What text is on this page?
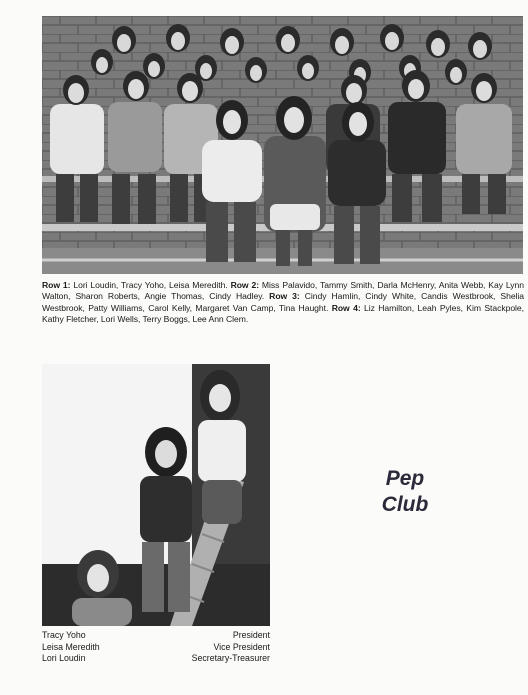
Row 1: Lori Loudin, Tracy Yoho, Leisa Meredith. Row 2: Miss Palavido, Tammy Smith, Darla McHenry, Anita Webb, Kay Lynn Walton, Sharon Roberts, Angie Thomas, Cindy Hadley. Row 3: Cindy Hamlin, Cindy White, Candis Westbrook, Shelia Westbrook, Patty Williams, Carol Kelly, Margaret Van Camp, Tina Haught. Row 4: Liz Hamilton, Leah Pyles, Kim Stackpole, Kathy Fletcher, Lori Wells, Terry Boggs, Lee Ann Clem.
Pep
Club
Tracy Yoho
Leisa Meredith
Lori Loudin
President
Vice President
Secretary-Treasurer
